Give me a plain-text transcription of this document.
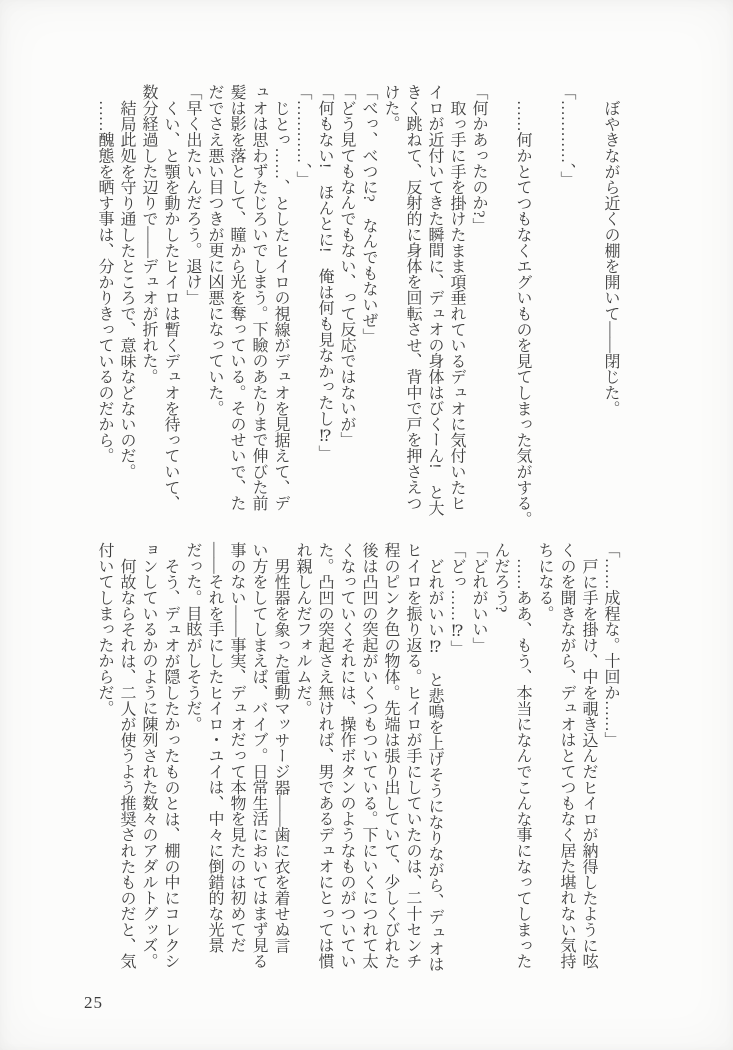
ぼやきながら近くの棚を開いて――閉じた。

「…………、」

……何かとてつもなくエグいものを見てしまった気がする。

「何かあったのか?」

取っ手に手を掛けたまま項垂れているデュオに気付いたヒ

イロが近付いてきた瞬間に、デュオの身体はびくーん!　と大

きく跳ねて、反射的に身体を回転させ、背中で戸を押さえつ

けた。

「べっ、べつに?　なんでもないぜ」

「どう見てもなんでもない、って反応ではないが」

「何もない!　ほんとに!　俺は何も見なかったし⁉」

「…………、」

じとっ……、としたヒイロの視線がデュオを見据えて、デ

ュオは思わずたじろいでしまう。下瞼のあたりまで伸びた前

髪は影を落として、瞳から光を奪っている。そのせいで、た

だでさえ悪い目つきが更に凶悪になっていた。

「早く出たいんだろう。退け」

くい、と顎を動かしたヒイロは暫くデュオを待っていて、

数分経過した辺りで――デュオが折れた。

結局此処を守り通したところで、意味などないのだ。

……醜態を晒す事は、分かりきっているのだから。

「……成程な。十回か……」

戸に手を掛け、中を覗き込んだヒイロが納得したように呟

くのを聞きながら、デュオはとてつもなく居た堪れない気持

ちになる。

……ああ、もう、本当になんでこんな事になってしまった

んだろう?

「どれがいい」

「どっ……⁉」

どれがいい⁉　と悲鳴を上げそうになりながら、デュオは

ヒイロを振り返る。ヒイロが手にしていたのは、二十センチ

程のピンク色の物体。先端は張り出していて、少しくびれた

後は凸凹の突起がいくつもついている。下にいくにつれて太

くなっていくそれには、操作ボタンのようなものがついてい

た。凸凹の突起さえ無ければ、男であるデュオにとっては慣

れ親しんだフォルムだ。

男性器を象った電動マッサージ器――歯に衣を着せぬ言

い方をしてしまえば、バイブ。日常生活においてはまず見る

事のない――事実、デュオだって本物を見たのは初めてだ

――それを手にしたヒイロ・ユイは、中々に倒錯的な光景

だった。目眩がしそうだ。

そう、デュオが隠したかったものとは、棚の中にコレクシ

ョンしているかのように陳列された数々のアダルトグッズ。

何故ならそれは、二人が使うよう推奨されたものだと、気

付いてしまったからだ。

25
